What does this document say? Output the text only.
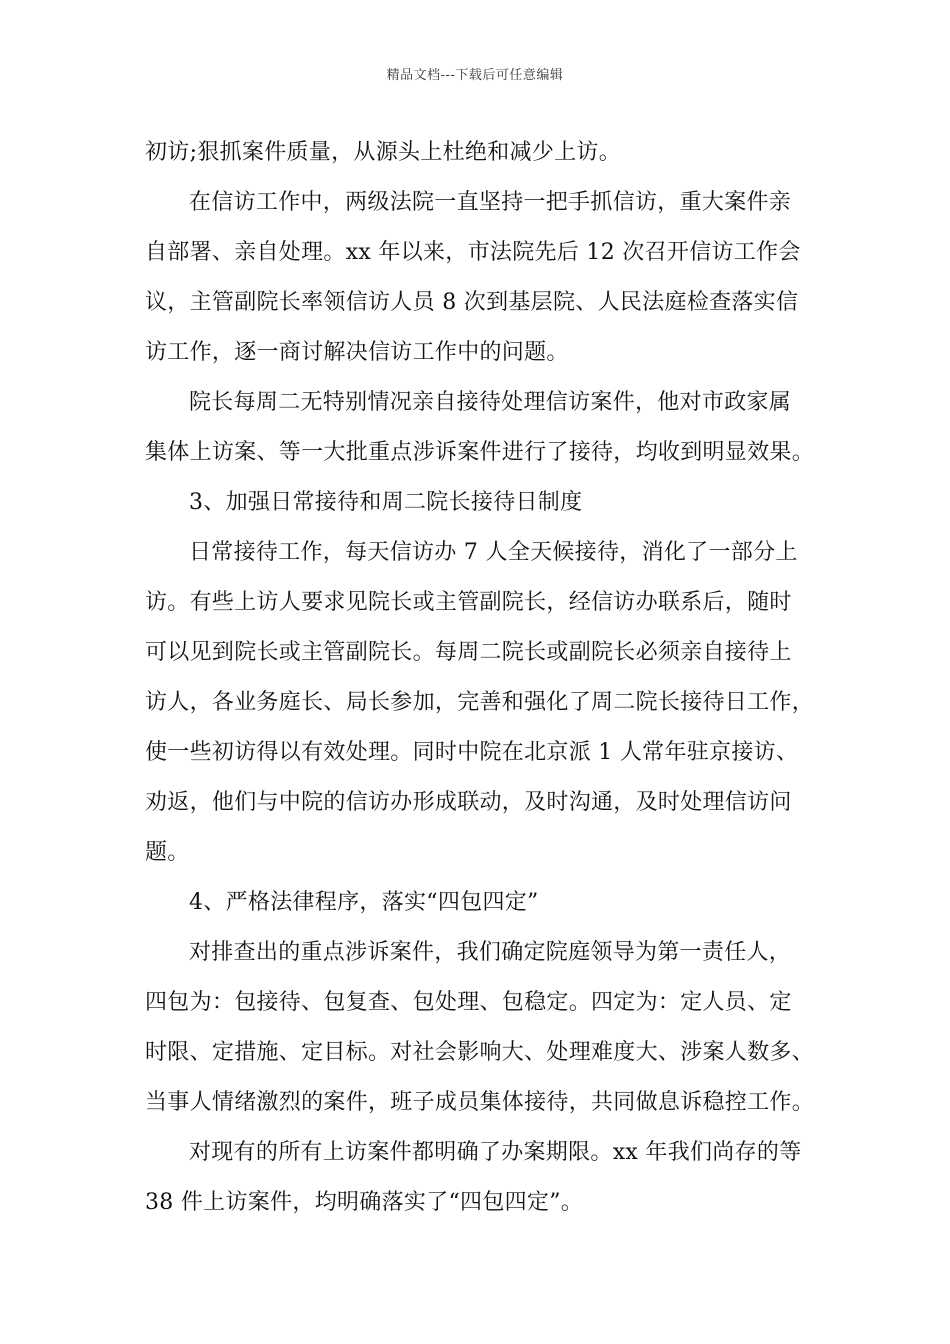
精品文档---下载后可任意编辑
初访;狠抓案件质量，从源头上杜绝和减少上访。
在信访工作中，两级法院一直坚持一把手抓信访，重大案件亲
自部署、亲自处理。xx 年以来，市法院先后 12 次召开信访工作会
议，主管副院长率领信访人员 8 次到基层院、人民法庭检查落实信
访工作，逐一商讨解决信访工作中的问题。
院长每周二无特别情况亲自接待处理信访案件，他对市政家属
集体上访案、等一大批重点涉诉案件进行了接待，均收到明显效果。
3、加强日常接待和周二院长接待日制度
日常接待工作，每天信访办 7 人全天候接待，消化了一部分上
访。有些上访人要求见院长或主管副院长，经信访办联系后，随时
可以见到院长或主管副院长。每周二院长或副院长必须亲自接待上
访人，各业务庭长、局长参加，完善和强化了周二院长接待日工作，
使一些初访得以有效处理。同时中院在北京派 1 人常年驻京接访、
劝返，他们与中院的信访办形成联动，及时沟通，及时处理信访问
题。
4、严格法律程序，落实“四包四定”
对排查出的重点涉诉案件，我们确定院庭领导为第一责任人，
四包为：包接待、包复查、包处理、包稳定。四定为：定人员、定
时限、定措施、定目标。对社会影响大、处理难度大、涉案人数多、
当事人情绪激烈的案件，班子成员集体接待，共同做息诉稳控工作。
对现有的所有上访案件都明确了办案期限。xx 年我们尚存的等
38 件上访案件，均明确落实了“四包四定”。
